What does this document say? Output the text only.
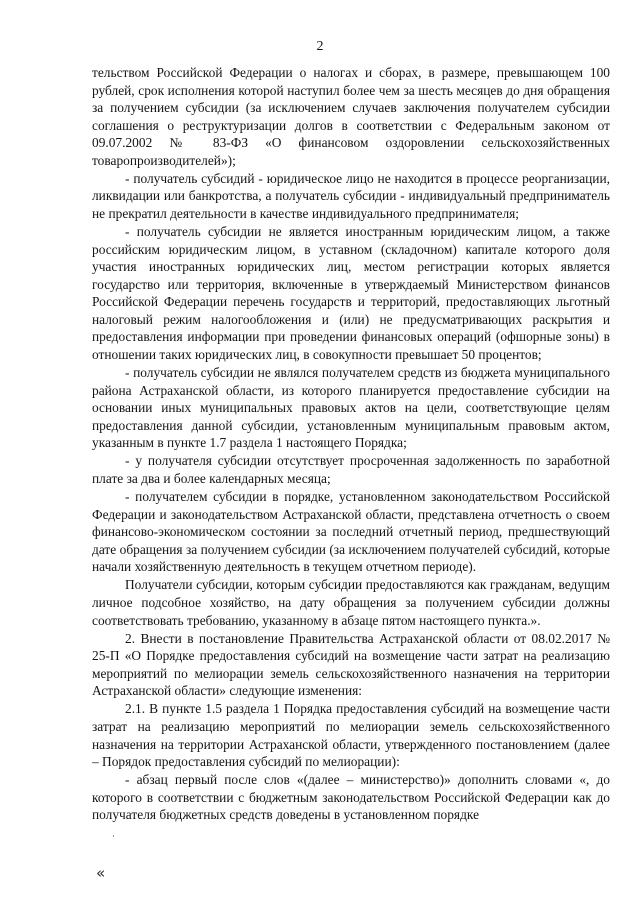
2

тельством Российской Федерации о налогах и сборах, в размере, превышающем 100 рублей, срок исполнения которой наступил более чем за шесть месяцев до дня обращения за получением субсидии (за исключением случаев заключения получателем субсидии соглашения о реструктуризации долгов в соответствии с Федеральным законом от 09.07.2002 № 83-ФЗ «О финансовом оздоровлении сельскохозяйственных товаропроизводителей»);

- получатель субсидий - юридическое лицо не находится в процессе реорганизации, ликвидации или банкротства, а получатель субсидии - индивидуальный предприниматель не прекратил деятельности в качестве индивидуального предпринимателя;

- получатель субсидии не является иностранным юридическим лицом, а также российским юридическим лицом, в уставном (складочном) капитале которого доля участия иностранных юридических лиц, местом регистрации которых является государство или территория, включенные в утверждаемый Министерством финансов Российской Федерации перечень государств и территорий, предоставляющих льготный налоговый режим налогообложения и (или) не предусматривающих раскрытия и предоставления информации при проведении финансовых операций (офшорные зоны) в отношении таких юридических лиц, в совокупности превышает 50 процентов;

- получатель субсидии не являлся получателем средств из бюджета муниципального района Астраханской области, из которого планируется предоставление субсидии на основании иных муниципальных правовых актов на цели, соответствующие целям предоставления данной субсидии, установленным муниципальным правовым актом, указанным в пункте 1.7 раздела 1 настоящего Порядка;

- у получателя субсидии отсутствует просроченная задолженность по заработной плате за два и более календарных месяца;

- получателем субсидии в порядке, установленном законодательством Российской Федерации и законодательством Астраханской области, представлена отчетность о своем финансово-экономическом состоянии за последний отчетный период, предшествующий дате обращения за получением субсидии (за исключением получателей субсидий, которые начали хозяйственную деятельность в текущем отчетном периоде).

Получатели субсидии, которым субсидии предоставляются как гражданам, ведущим личное подсобное хозяйство, на дату обращения за получением субсидии должны соответствовать требованию, указанному в абзаце пятом настоящего пункта.».

2. Внести в постановление Правительства Астраханской области от 08.02.2017 № 25-П «О Порядке предоставления субсидий на возмещение части затрат на реализацию мероприятий по мелиорации земель сельскохозяйственного назначения на территории Астраханской области» следующие изменения:

2.1. В пункте 1.5 раздела 1 Порядка предоставления субсидий на возмещение части затрат на реализацию мероприятий по мелиорации земель сельскохозяйственного назначения на территории Астраханской области, утвержденного постановлением (далее – Порядок предоставления субсидий по мелиорации):

- абзац первый после слов «(далее – министерство)» дополнить словами «, до которого в соответствии с бюджетным законодательством Российской Федерации как до получателя бюджетных средств доведены в установленном порядке

«
·
